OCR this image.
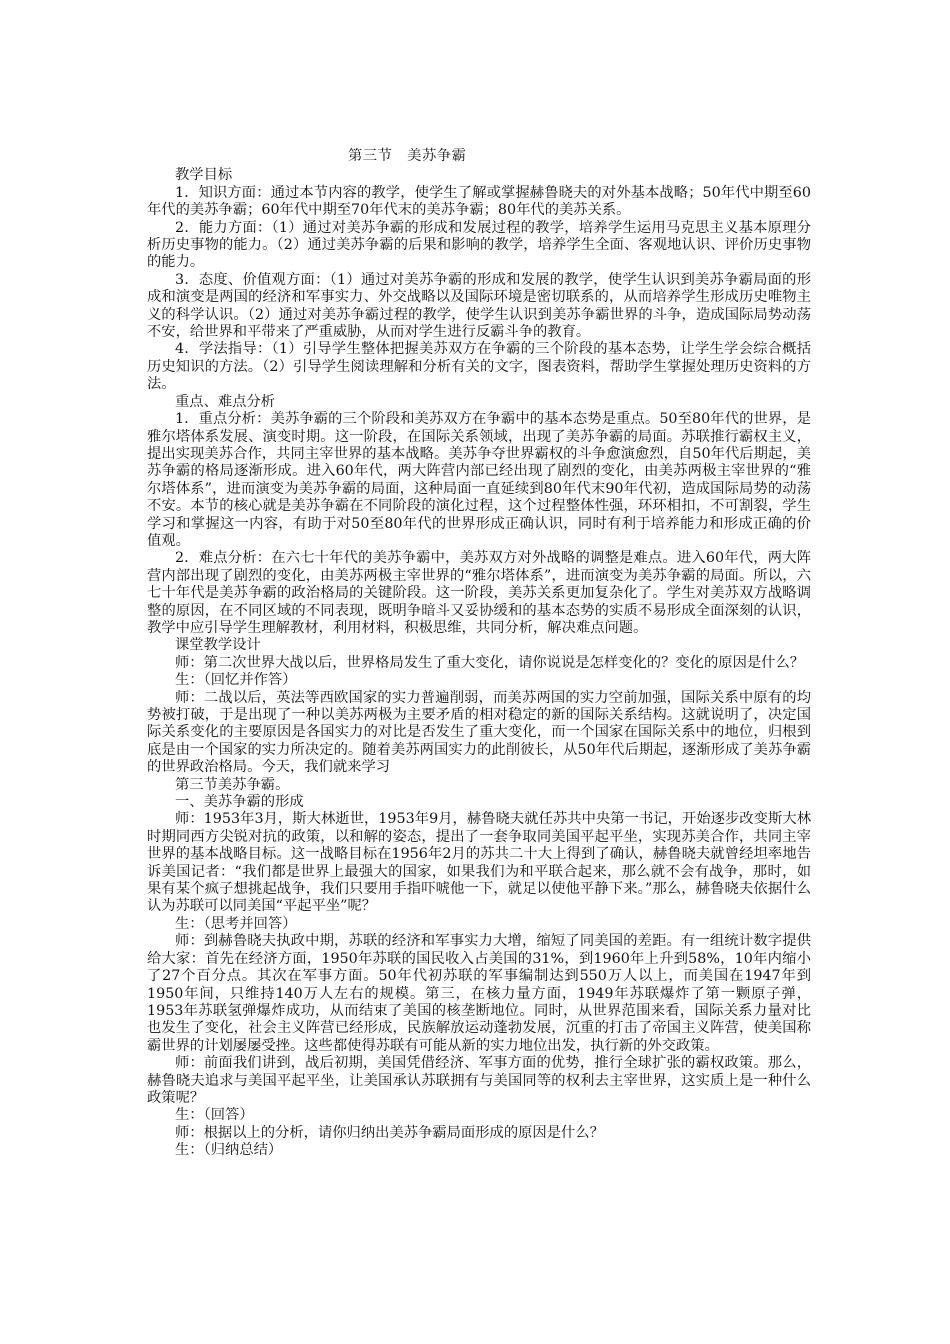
第三节　美苏争霸

教学目标

1．知识方面：通过本节内容的教学，使学生了解或掌握赫鲁晓夫的对外基本战略；50年代中期至60年代的美苏争霸；60年代中期至70年代末的美苏争霸；80年代的美苏关系。

2．能力方面：（1）通过对美苏争霸的形成和发展过程的教学，培养学生运用马克思主义基本原理分析历史事物的能力。（2）通过美苏争霸的后果和影响的教学，培养学生全面、客观地认识、评价历史事物的能力。

3．态度、价值观方面：（1）通过对美苏争霸的形成和发展的教学，使学生认识到美苏争霸局面的形成和演变是两国的经济和军事实力、外交战略以及国际环境是密切联系的，从而培养学生形成历史唯物主义的科学认识。（2）通过对美苏争霸过程的教学，使学生认识到美苏争霸世界的斗争，造成国际局势动荡不安，给世界和平带来了严重威胁，从而对学生进行反霸斗争的教育。

4．学法指导：（1）引导学生整体把握美苏双方在争霸的三个阶段的基本态势，让学生学会综合概括历史知识的方法。（2）引导学生阅读理解和分析有关的文字，图表资料，帮助学生掌握处理历史资料的方法。

重点、难点分析

1．重点分析：美苏争霸的三个阶段和美苏双方在争霸中的基本态势是重点。50至80年代的世界，是雅尔塔体系发展、演变时期。这一阶段，在国际关系领域，出现了美苏争霸的局面。苏联推行霸权主义，提出实现美苏合作，共同主宰世界的基本战略。美苏争夺世界霸权的斗争愈演愈烈，自50年代后期起，美苏争霸的格局逐渐形成。进入60年代，两大阵营内部已经出现了剧烈的变化，由美苏两极主宰世界的“雅尔塔体系”，进而演变为美苏争霸的局面，这种局面一直延续到80年代末90年代初，造成国际局势的动荡不安。本节的核心就是美苏争霸在不同阶段的演化过程，这个过程整体性强，环环相扣，不可割裂，学生学习和掌握这一内容，有助于对50至80年代的世界形成正确认识，同时有利于培养能力和形成正确的价值观。

2．难点分析：在六七十年代的美苏争霸中，美苏双方对外战略的调整是难点。进入60年代，两大阵营内部出现了剧烈的变化，由美苏两极主宰世界的“雅尔塔体系”，进而演变为美苏争霸的局面。所以，六七十年代是美苏争霸的政治格局的关键阶段。这一阶段，美苏关系更加复杂化了。学生对美苏双方战略调整的原因，在不同区域的不同表现，既明争暗斗又妥协缓和的基本态势的实质不易形成全面深刻的认识，教学中应引导学生理解教材，利用材料，积极思维，共同分析，解决难点问题。

课堂教学设计

师：第二次世界大战以后，世界格局发生了重大变化，请你说说是怎样变化的？变化的原因是什么？

生：（回忆并作答）

师：二战以后，英法等西欧国家的实力普遍削弱，而美苏两国的实力空前加强，国际关系中原有的均势被打破，于是出现了一种以美苏两极为主要矛盾的相对稳定的新的国际关系结构。这就说明了，决定国际关系变化的主要原因是各国实力的对比是否发生了重大变化，而一个国家在国际关系中的地位，归根到底是由一个国家的实力所决定的。随着美苏两国实力的此削彼长，从50年代后期起，逐渐形成了美苏争霸的世界政治格局。今天，我们就来学习

第三节美苏争霸。

一、美苏争霸的形成

师：1953年3月，斯大林逝世，1953年9月，赫鲁晓夫就任苏共中央第一书记，开始逐步改变斯大林时期同西方尖锐对抗的政策，以和解的姿态，提出了一套争取同美国平起平坐，实现苏美合作，共同主宰世界的基本战略目标。这一战略目标在1956年2月的苏共二十大上得到了确认，赫鲁晓夫就曾经坦率地告诉美国记者：“我们都是世界上最强大的国家，如果我们为和平联合起来，那么就不会有战争，那时，如果有某个疯子想挑起战争，我们只要用手指吓唬他一下，就足以使他平静下来。”那么，赫鲁晓夫依据什么认为苏联可以同美国“平起平坐”呢？

生：（思考并回答）

师：到赫鲁晓夫执政中期，苏联的经济和军事实力大增，缩短了同美国的差距。有一组统计数字提供给大家：首先在经济方面，1950年苏联的国民收入占美国的31%，到1960年上升到58%，10年内缩小了27个百分点。其次在军事方面。50年代初苏联的军事编制达到550万人以上，而美国在1947年到1950年间，只维持140万人左右的规模。第三，在核力量方面，1949年苏联爆炸了第一颗原子弹，1953年苏联氢弹爆炸成功，从而结束了美国的核垄断地位。同时，从世界范围来看，国际关系力量对比也发生了变化，社会主义阵营已经形成，民族解放运动蓬勃发展，沉重的打击了帝国主义阵营，使美国称霸世界的计划屡屡受挫。这些都使得苏联有可能从新的实力地位出发，执行新的外交政策。

师：前面我们讲到，战后初期，美国凭借经济、军事方面的优势，推行全球扩张的霸权政策。那么，赫鲁晓夫追求与美国平起平坐，让美国承认苏联拥有与美国同等的权利去主宰世界，这实质上是一种什么政策呢？

生：（回答）

师：根据以上的分析，请你归纳出美苏争霸局面形成的原因是什么？

生：（归纳总结）
